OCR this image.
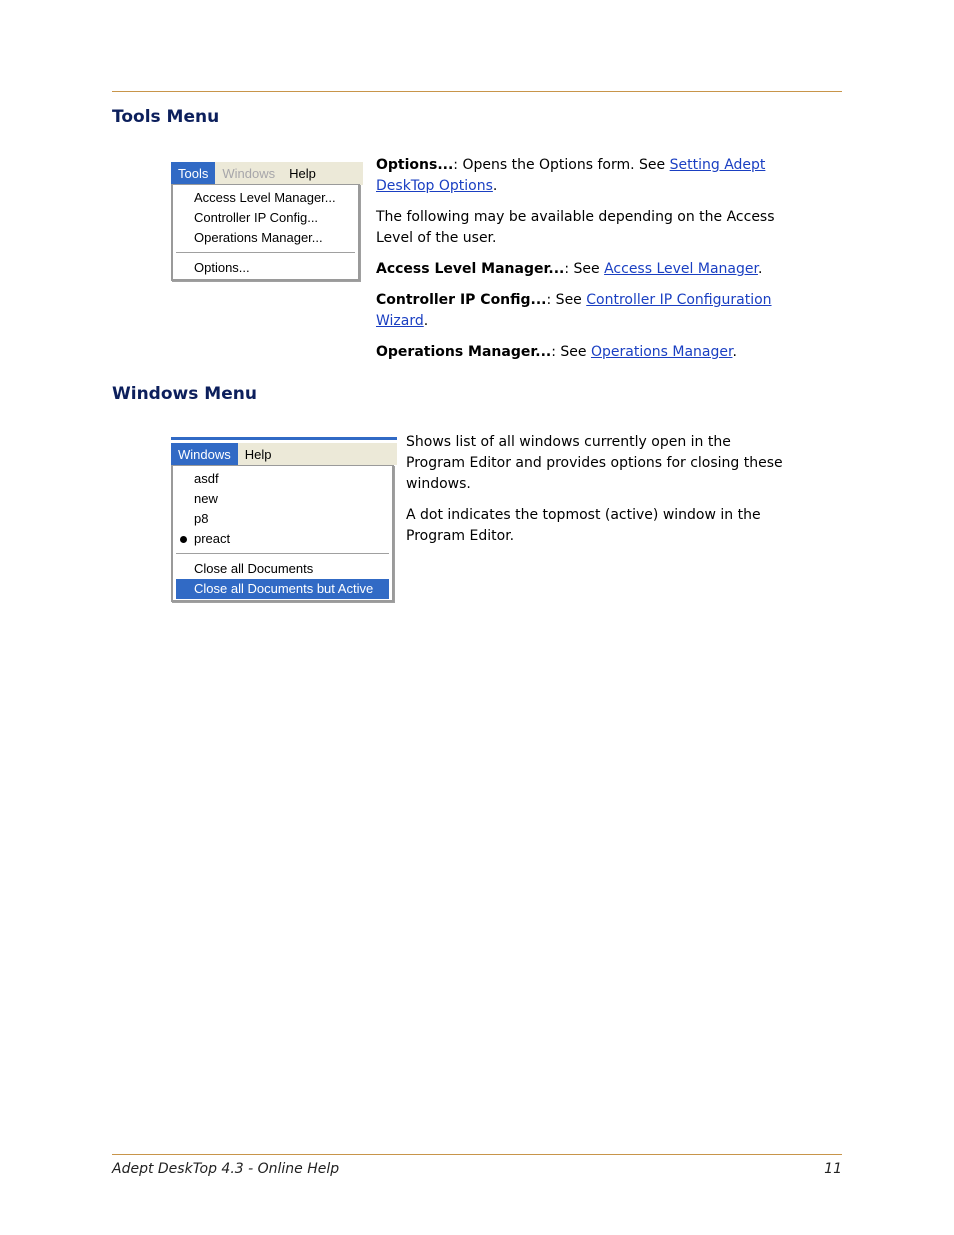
Tools Menu
Tools	Windows	Help
Access Level Manager...
Controller IP Config...
Operations Manager...
Options...

Options...: Opens the Options form. See Setting Adept DeskTop Options.

The following may be available depending on the Access Level of the user.

Access Level Manager...: See Access Level Manager.

Controller IP Config...: See Controller IP Configuration Wizard.

Operations Manager...: See Operations Manager.

Windows Menu
Windows	Help
asdf
new
p8
preact
Close all Documents
Close all Documents but Active

Shows list of all windows currently open in the Program Editor and provides options for closing these windows.

A dot indicates the topmost (active) window in the Program Editor.

Adept DeskTop 4.3 - Online Help	11
